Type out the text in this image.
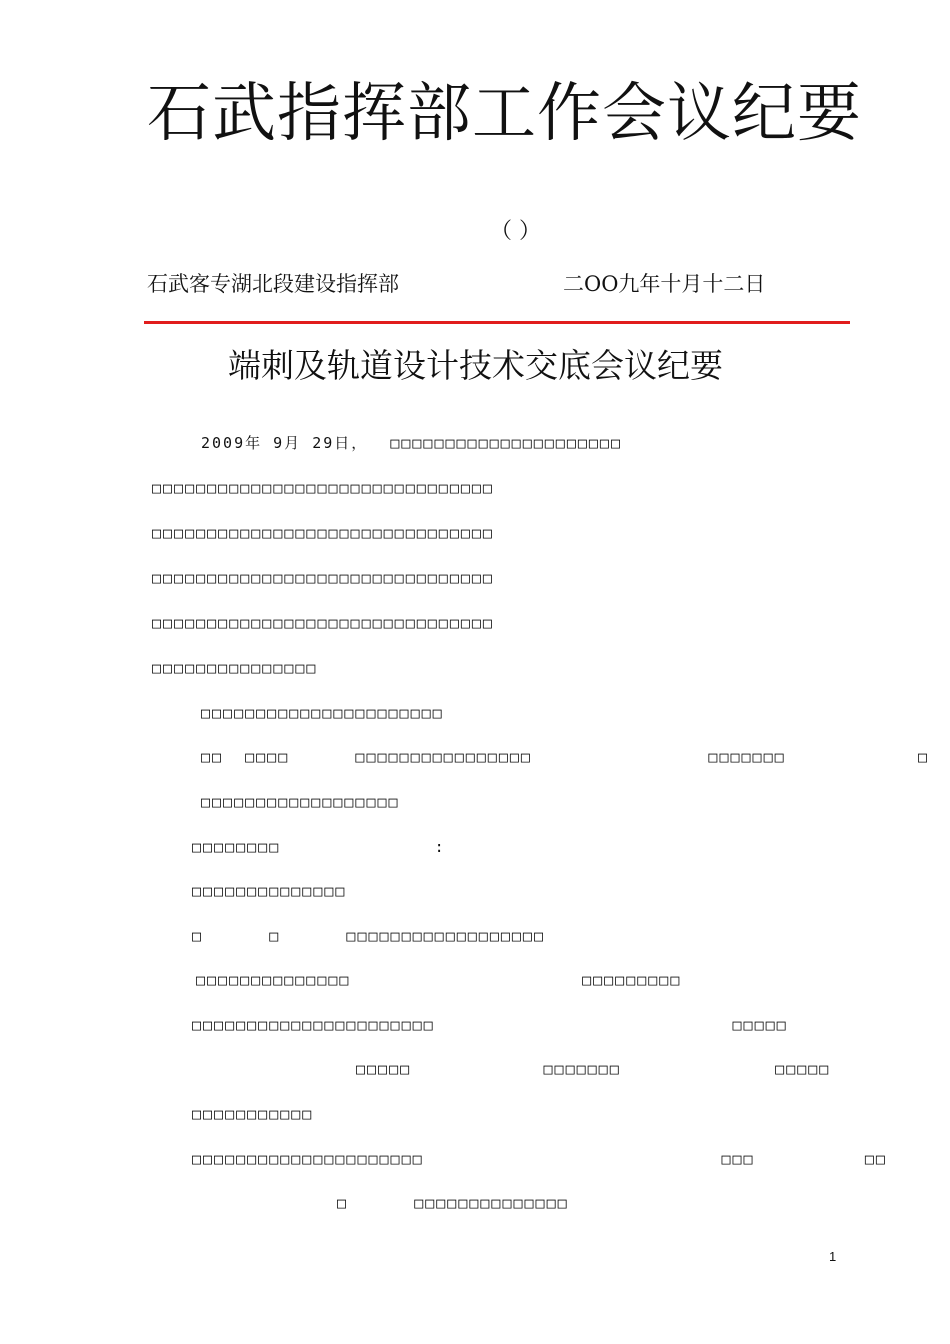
石武指挥部工作会议纪要
（ ）
石武客专湖北段建设指挥部	二OO九年十月十二日
端刺及轨道设计技术交底会议纪要
2009年 9月 29日，  □□□□□□□□□□□□□□□□□□□□□
□□□□□□□□□□□□□□□□□□□□□□□□□□□□□□□
□□□□□□□□□□□□□□□□□□□□□□□□□□□□□□□
□□□□□□□□□□□□□□□□□□□□□□□□□□□□□□□
□□□□□□□□□□□□□□□□□□□□□□□□□□□□□□□
□□□□□□□□□□□□□□□
□□□□□□□□□□□□□□□□□□□□□□
□□  □□□□      □□□□□□□□□□□□□□□□                □□□□□□□            □
□□□□□□□□□□□□□□□□□□
□□□□□□□□              :
□□□□□□□□□□□□□□
□      □      □□□□□□□□□□□□□□□□□□
□□□□□□□□□□□□□□                     □□□□□□□□□
□□□□□□□□□□□□□□□□□□□□□□                           □□□□□
□□□□□            □□□□□□□              □□□□□
□□□□□□□□□□□
□□□□□□□□□□□□□□□□□□□□□                           □□□          □□
□      □□□□□□□□□□□□□□
1
